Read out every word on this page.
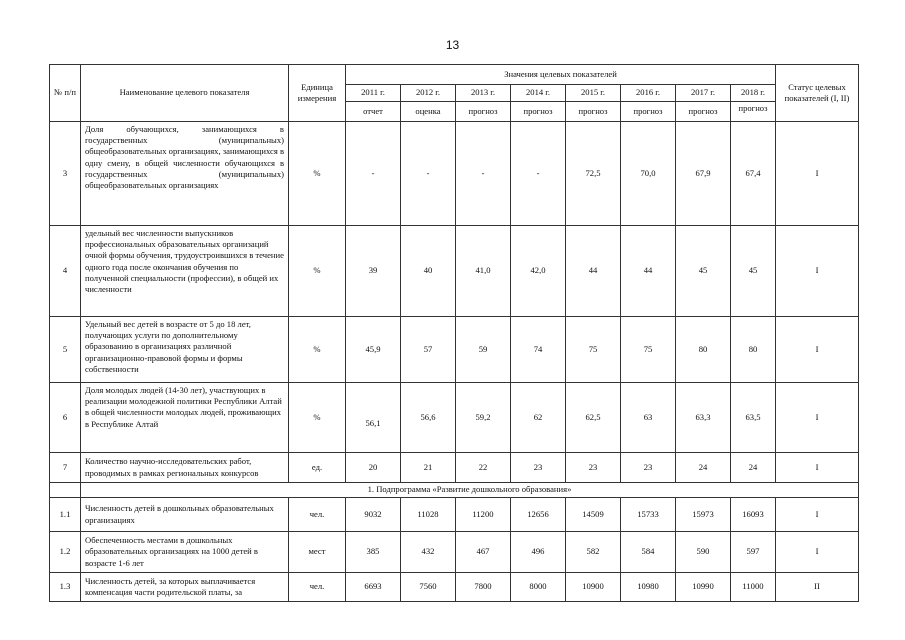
13
№ п/п	Наименование целевого показателя	Единица измерения	Значения целевых показателей								Статус целевых показателей (I, II)
			2011 г.	2012 г.	2013 г.	2014 г.	2015 г.	2016 г.	2017 г.	2018 г.	
			отчет	оценка	прогноз	прогноз	прогноз	прогноз	прогноз	прогноз	
3	Доля обучающихся, занимающихся в государственных (муниципальных) общеобразовательных организациях, занимающихся в одну смену, в общей численности обучающихся в государственных (муниципальных) общеобразовательных организациях	%	-	-	-	-	72,5	70,0	67,9	67,4	I
4	удельный вес численности выпускников профессиональных образовательных организаций очной формы обучения, трудоустроившихся в течение одного года после окончания обучения по полученной специальности (профессии), в общей их численности	%	39	40	41,0	42,0	44	44	45	45	I
5	Удельный вес детей в возрасте от 5 до 18 лет, получающих услуги по дополнительному образованию в организациях различной организационно-правовой формы и формы собственности	%	45,9	57	59	74	75	75	80	80	I
6	Доля молодых людей (14-30 лет), участвующих в реализации молодежной политики Республики Алтай в общей численности молодых людей, проживающих в Республике Алтай	%	56,1	56,6	59,2	62	62,5	63	63,3	63,5	I
7	Количество научно-исследовательских работ, проводимых в рамках региональных конкурсов	ед.	20	21	22	23	23	23	24	24	I
	1. Подпрограмма «Развитие дошкольного образования»										
1.1	Численность детей в дошкольных образовательных организациях	чел.	9032	11028	11200	12656	14509	15733	15973	16093	I
1.2	Обеспеченность местами в дошкольных образовательных организациях на 1000 детей в возрасте 1-6 лет	мест	385	432	467	496	582	584	590	597	I
1.3	Численность детей, за которых выплачивается компенсация части родительской платы, за	чел.	6693	7560	7800	8000	10900	10980	10990	11000	II
